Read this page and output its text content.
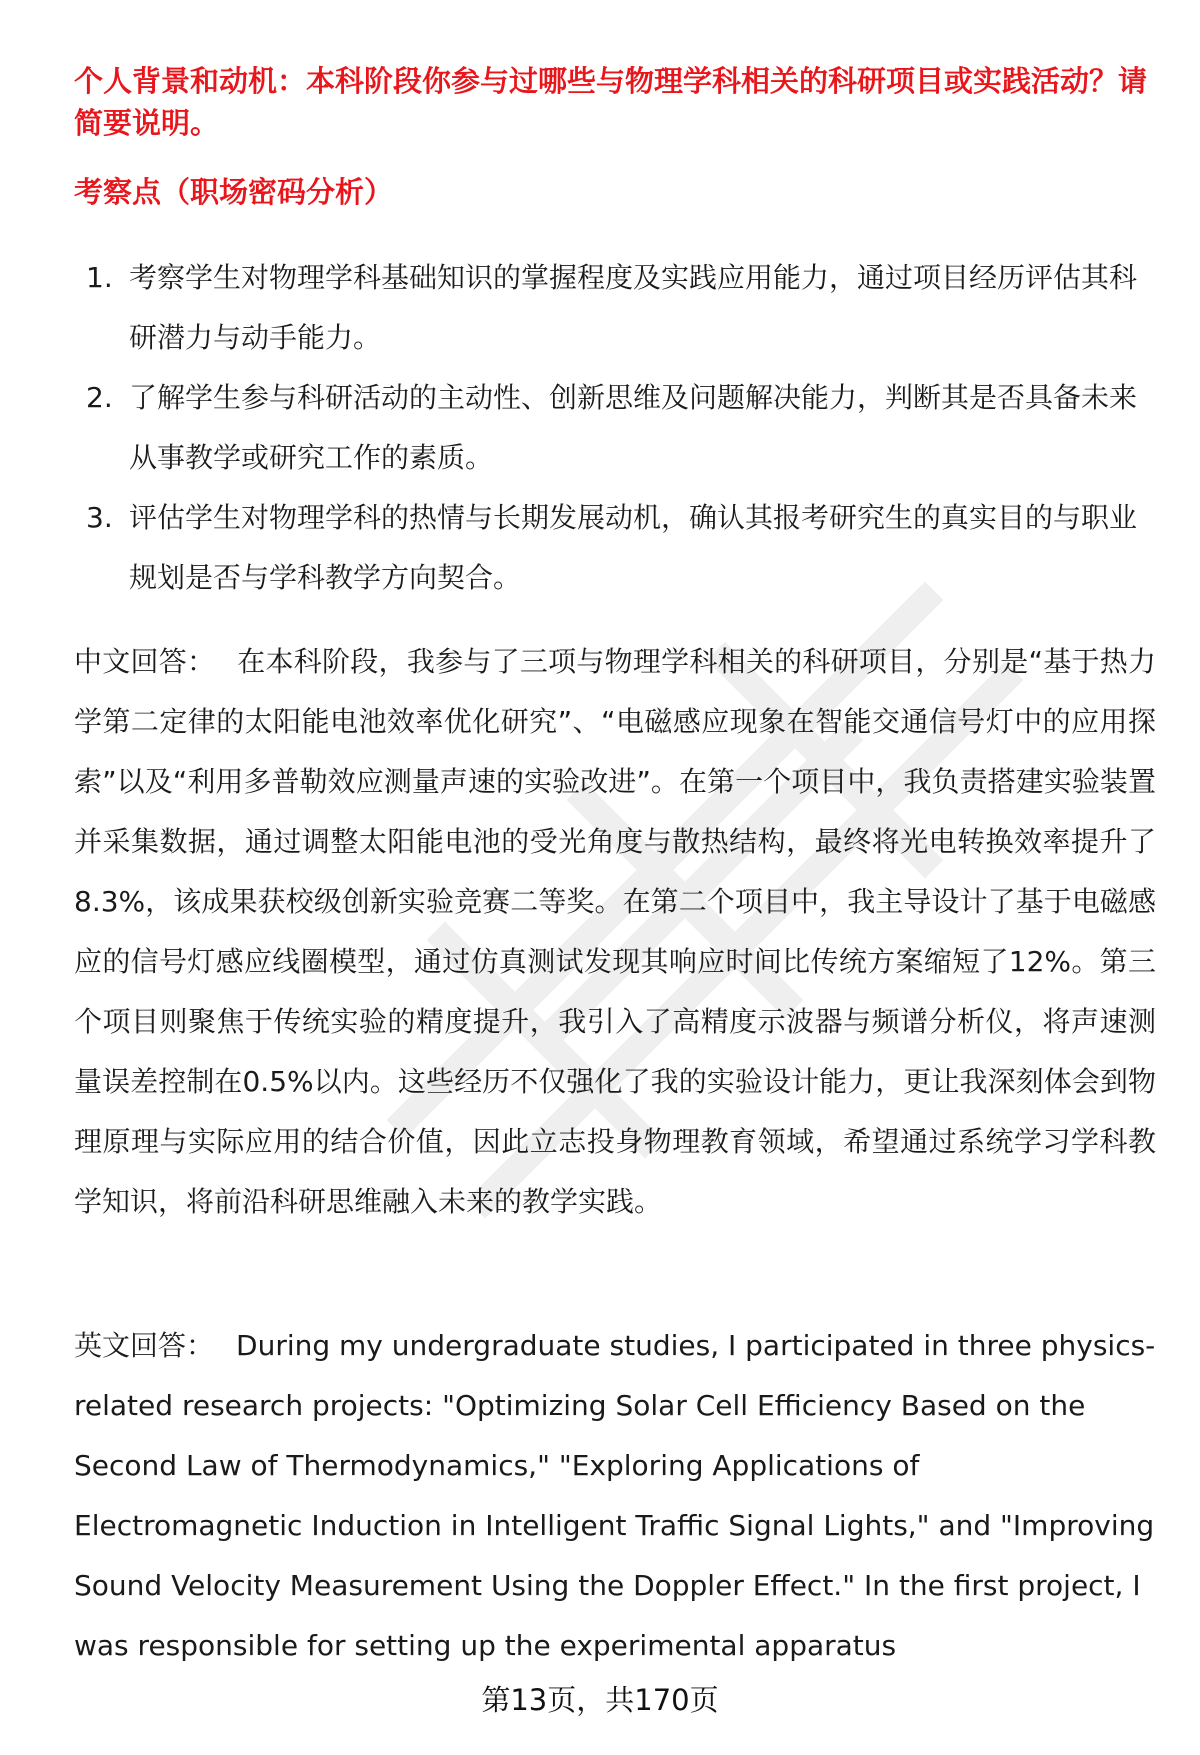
个人背景和动机：本科阶段你参与过哪些与物理学科相关的科研项目或实践活动？请简要说明。

考察点（职场密码分析）

1. 考察学生对物理学科基础知识的掌握程度及实践应用能力，通过项目经历评估其科研潜力与动手能力。
2. 了解学生参与科研活动的主动性、创新思维及问题解决能力，判断其是否具备未来从事教学或研究工作的素质。
3. 评估学生对物理学科的热情与长期发展动机，确认其报考研究生的真实目的与职业规划是否与学科教学方向契合。

中文回答： 在本科阶段，我参与了三项与物理学科相关的科研项目，分别是“基于热力学第二定律的太阳能电池效率优化研究”、“电磁感应现象在智能交通信号灯中的应用探索”以及“利用多普勒效应测量声速的实验改进”。在第一个项目中，我负责搭建实验装置并采集数据，通过调整太阳能电池的受光角度与散热结构，最终将光电转换效率提升了8.3%，该成果获校级创新实验竞赛二等奖。在第二个项目中，我主导设计了基于电磁感应的信号灯感应线圈模型，通过仿真测试发现其响应时间比传统方案缩短了12%。第三个项目则聚焦于传统实验的精度提升，我引入了高精度示波器与频谱分析仪，将声速测量误差控制在0.5%以内。这些经历不仅强化了我的实验设计能力，更让我深刻体会到物理原理与实际应用的结合价值，因此立志投身物理教育领域，希望通过系统学习学科教学知识，将前沿科研思维融入未来的教学实践。

英文回答： During my undergraduate studies, I participated in three physics-related research projects: "Optimizing Solar Cell Efficiency Based on the Second Law of Thermodynamics," "Exploring Applications of Electromagnetic Induction in Intelligent Traffic Signal Lights," and "Improving Sound Velocity Measurement Using the Doppler Effect." In the first project, I was responsible for setting up the experimental apparatus

第13页，共170页
